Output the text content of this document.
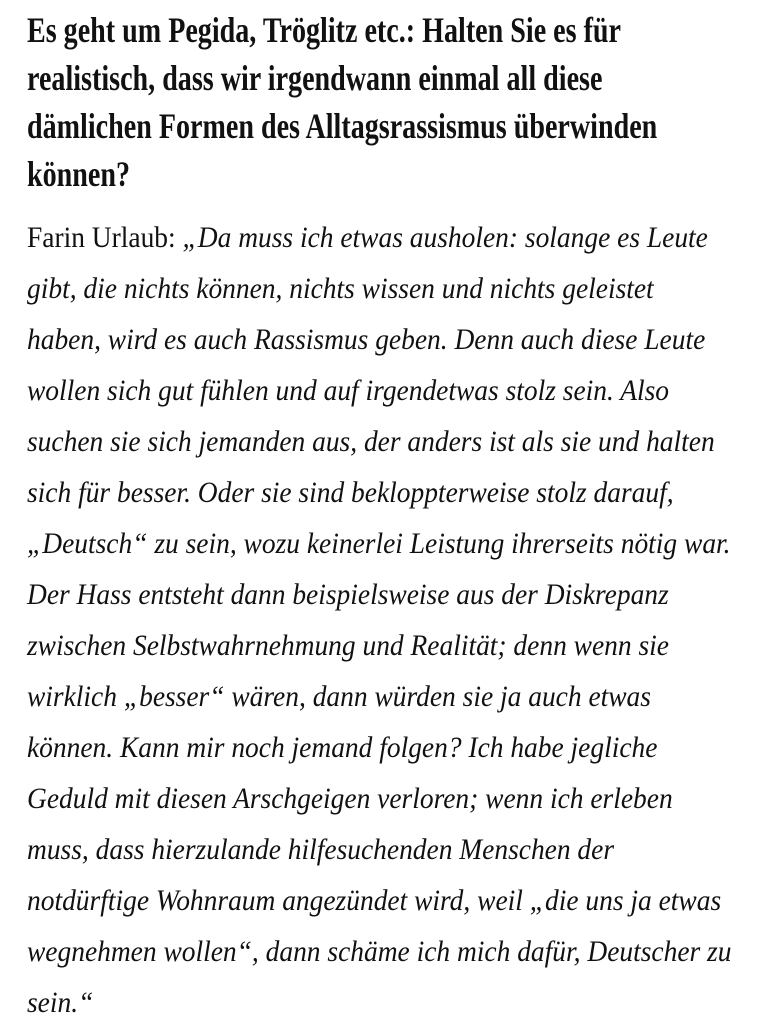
Es geht um Pegida, Tröglitz etc.: Halten Sie es für realistisch, dass wir irgendwann einmal all diese dämlichen Formen des Alltagsrassismus überwinden können?

Farin Urlaub: „Da muss ich etwas ausholen: solange es Leute gibt, die nichts können, nichts wissen und nichts geleistet haben, wird es auch Rassismus geben. Denn auch diese Leute wollen sich gut fühlen und auf irgendetwas stolz sein. Also suchen sie sich jemanden aus, der anders ist als sie und halten sich für besser. Oder sie sind bekloppterweise stolz darauf, „Deutsch“ zu sein, wozu keinerlei Leistung ihrerseits nötig war. Der Hass entsteht dann beispielsweise aus der Diskrepanz zwischen Selbstwahrnehmung und Realität; denn wenn sie wirklich „besser“ wären, dann würden sie ja auch etwas können. Kann mir noch jemand folgen? Ich habe jegliche Geduld mit diesen Arschgeigen verloren; wenn ich erleben muss, dass hierzulande hilfesuchenden Menschen der notdürftige Wohnraum angezündet wird, weil „die uns ja etwas wegnehmen wollen“, dann schäme ich mich dafür, Deutscher zu sein.“
